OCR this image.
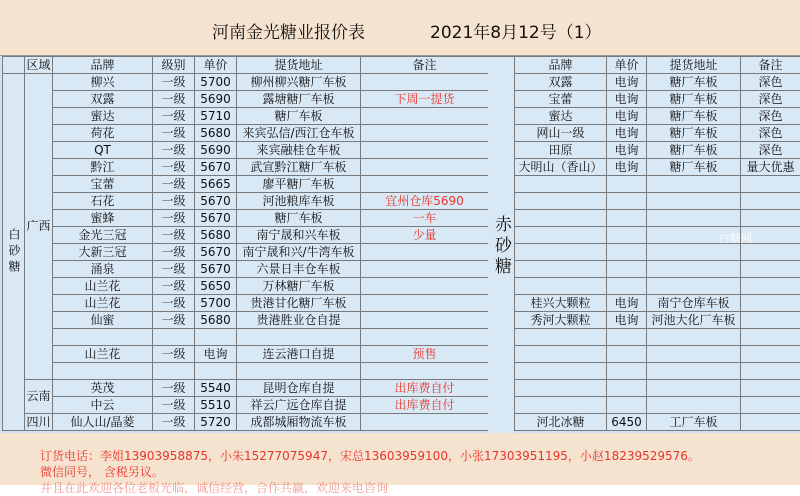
河南金光糖业报价表	2021年8月12号（1）
	区域	品牌	级别	单价	提货地址	备注
白砂糖	广西	柳兴	一级	5700	柳州柳兴糖厂车板	
		双露	一级	5690	露塘糖厂车板	下周一提货
		蜜达	一级	5710	糖厂车板	
		荷花	一级	5680	来宾弘信/西江仓车板	
		QT	一级	5690	来宾融桂仓车板	
		黔江	一级	5670	武宣黔江糖厂车板	
		宝蕾	一级	5665	廖平糖厂车板	
		石花	一级	5670	河池粮库车板	宜州仓库5690
		蜜蜂	一级	5670	糖厂车板	一车
		金光三冠	一级	5680	南宁晟和兴车板	少量
		大新三冠	一级	5670	南宁晟和兴/牛湾车板	
		涌泉	一级	5670	六景日丰仓车板	
		山兰花	一级	5650	万林糖厂车板	
		山兰花	一级	5700	贵港甘化糖厂车板	
		仙蜜	一级	5680	贵港胜业仓自提	

		山兰花	一级	电询	连云港口自提	预售

	云南	英茂	一级	5540	昆明仓库自提	出库费自付
		中云	一级	5510	祥云广远仓库自提	出库费自付
	四川	仙人山/晶菱	一级	5720	成都城厢物流车板	
赤砂糖
品牌	单价	提货地址	备注
双露	电询	糖厂车板	深色
宝蕾	电询	糖厂车板	深色
蜜达	电询	糖厂车板	深色
网山一级	电询	糖厂车板	深色
田原	电询	糖厂车板	深色
大明山（香山）	电询	糖厂车板	量大优惠

桂兴大颗粒	电询	南宁仓库车板	
秀河大颗粒	电询	河池大化厂车板	

河北冰糖	6450	工厂车板	
白糖网
订货电话：李姐13903958875，小朱15277075947，宋总13603959100，小张17303951195，小赵18239529576。
微信同号， 含税另议。
并且在此欢迎各位老板光临，诚信经营，合作共赢，欢迎来电咨询
